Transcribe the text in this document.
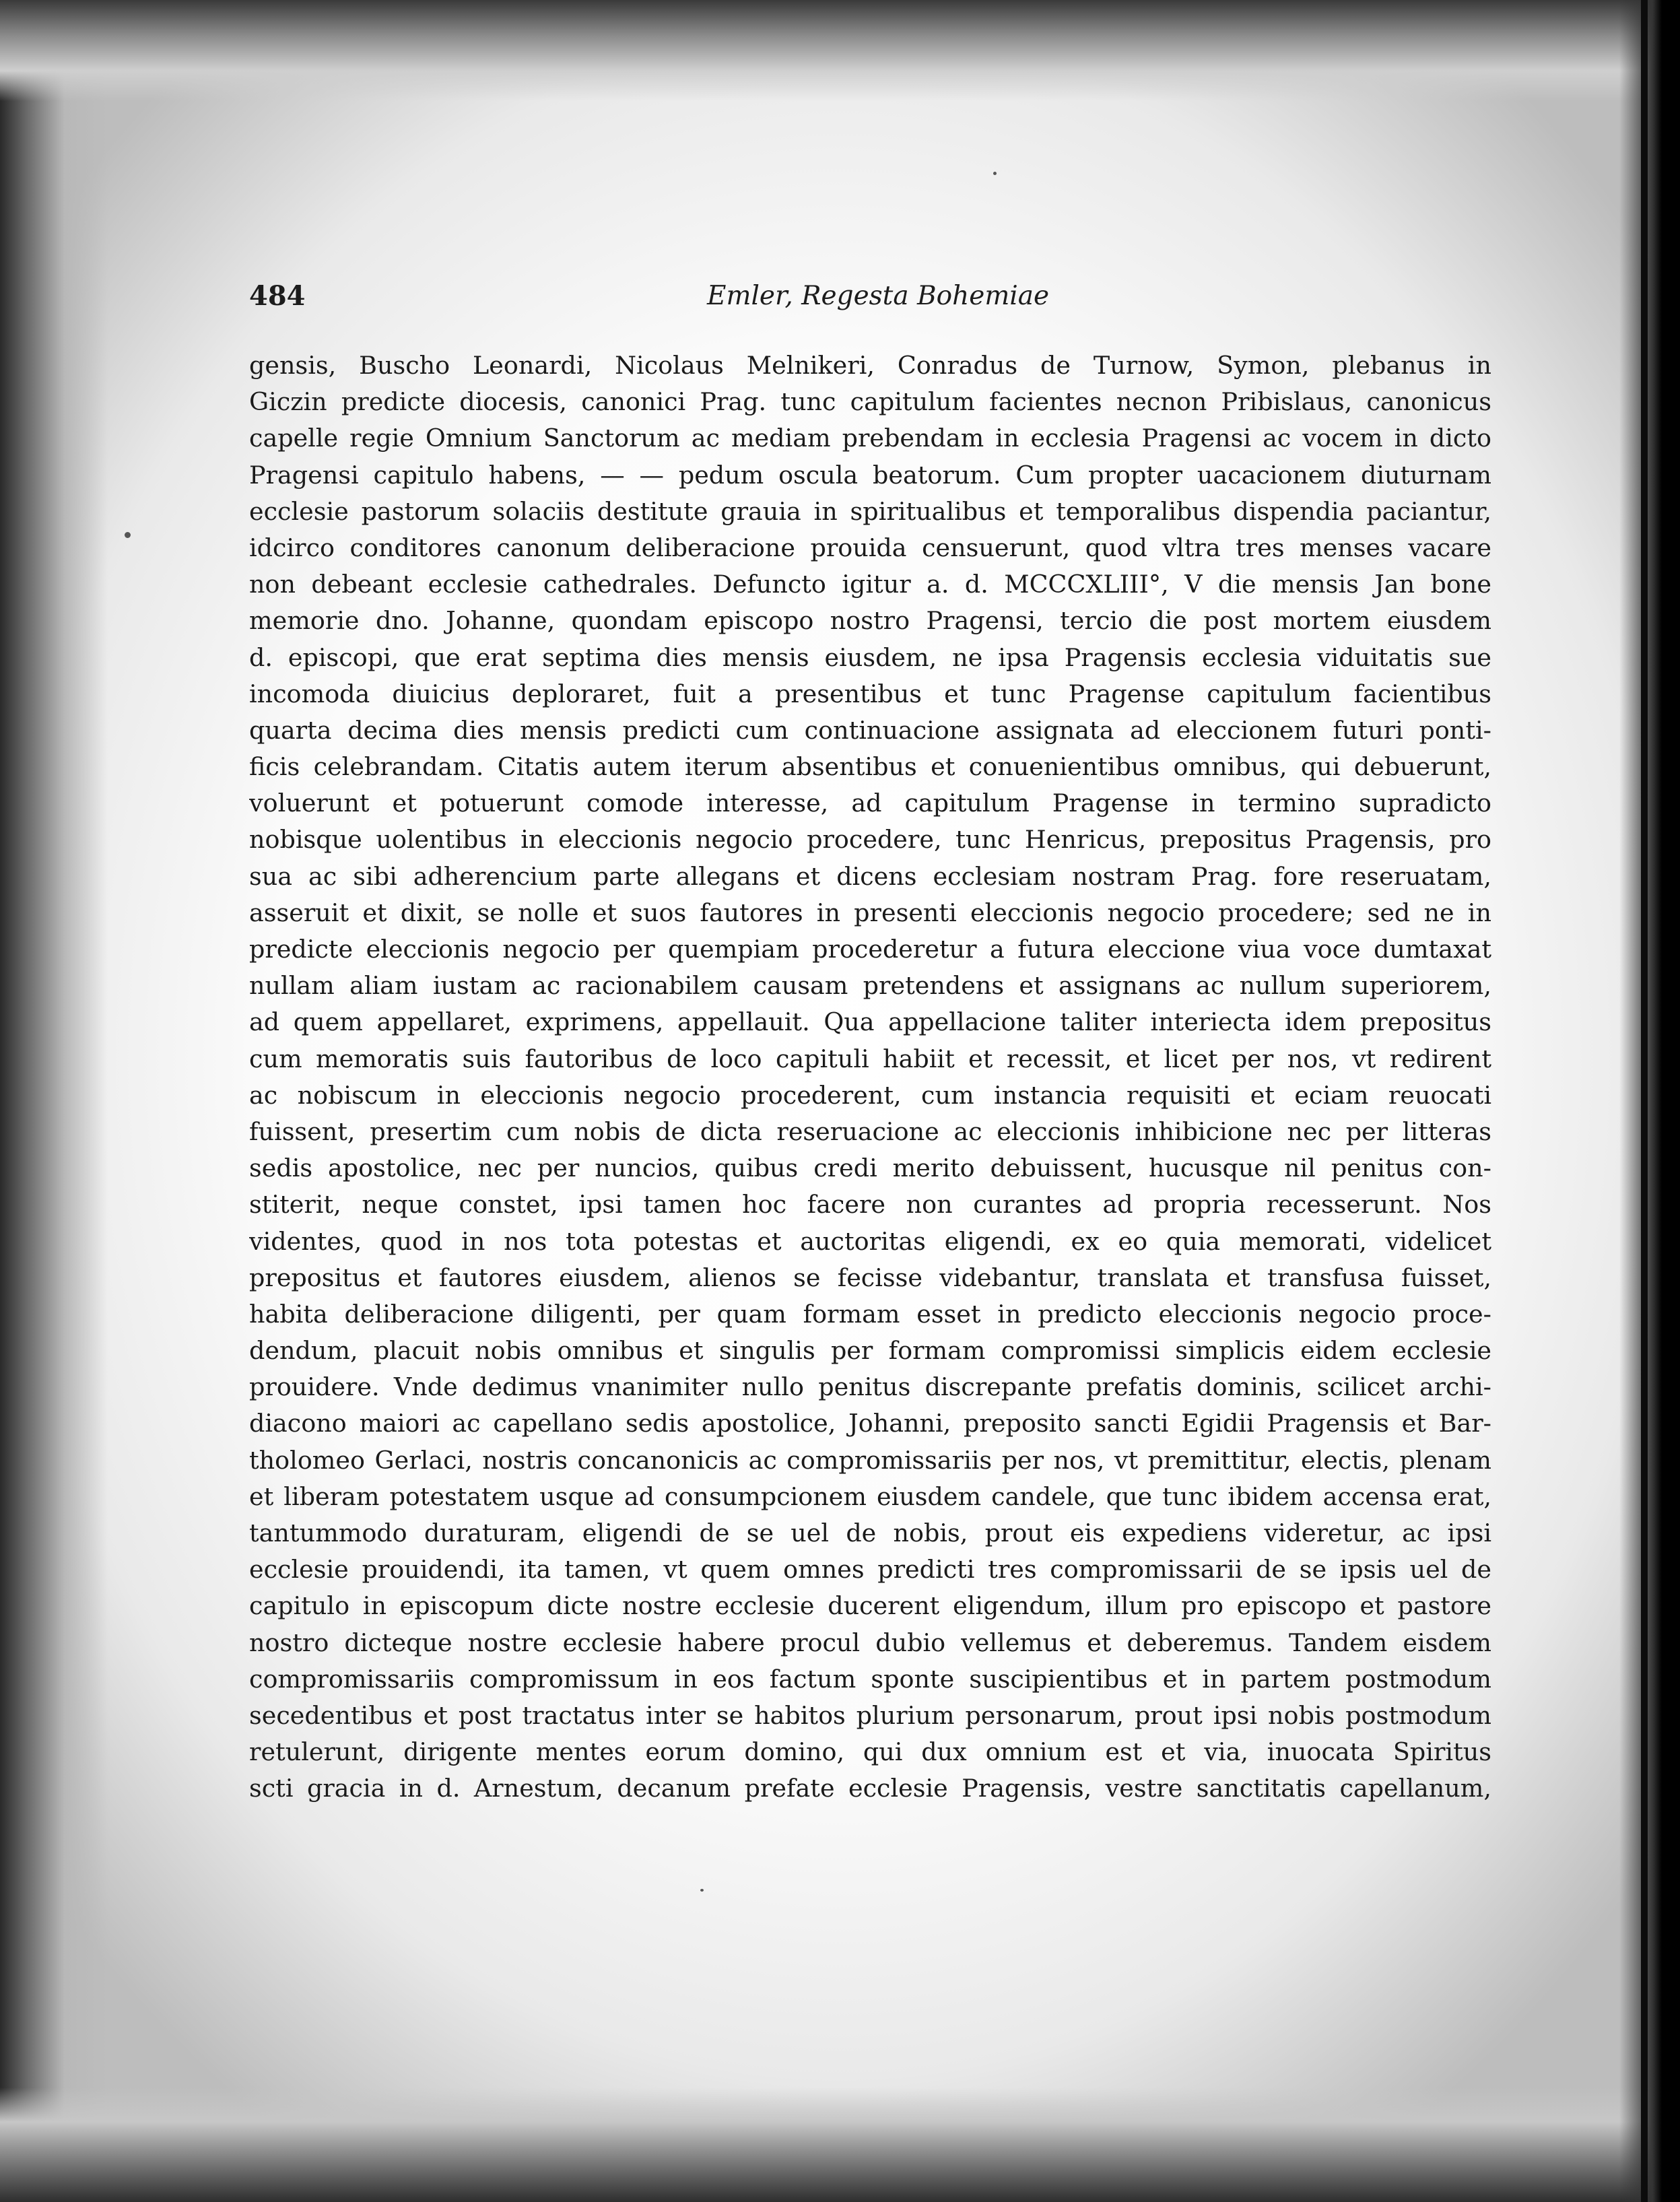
484	Emler, Regesta Bohemiae
gensis, Buscho Leonardi, Nicolaus Melnikeri, Conradus de Turnow, Symon, plebanus in
Giczin predicte diocesis, canonici Prag. tunc capitulum facientes necnon Pribislaus, canonicus
capelle regie Omnium Sanctorum ac mediam prebendam in ecclesia Pragensi ac vocem in dicto
Pragensi capitulo habens, — — pedum oscula beatorum. Cum propter uacacionem diuturnam
ecclesie pastorum solaciis destitute grauia in spiritualibus et temporalibus dispendia paciantur,
idcirco conditores canonum deliberacione prouida censuerunt, quod vltra tres menses vacare
non debeant ecclesie cathedrales. Defuncto igitur a. d. MCCCXLIII°, V die mensis Jan bone
memorie dno. Johanne, quondam episcopo nostro Pragensi, tercio die post mortem eiusdem
d. episcopi, que erat septima dies mensis eiusdem, ne ipsa Pragensis ecclesia viduitatis sue
incomoda diuicius deploraret, fuit a presentibus et tunc Pragense capitulum facientibus
quarta decima dies mensis predicti cum continuacione assignata ad eleccionem futuri ponti-
ficis celebrandam. Citatis autem iterum absentibus et conuenientibus omnibus, qui debuerunt,
voluerunt et potuerunt comode interesse, ad capitulum Pragense in termino supradicto
nobisque uolentibus in eleccionis negocio procedere, tunc Henricus, prepositus Pragensis, pro
sua ac sibi adherencium parte allegans et dicens ecclesiam nostram Prag. fore reseruatam,
asseruit et dixit, se nolle et suos fautores in presenti eleccionis negocio procedere; sed ne in
predicte eleccionis negocio per quempiam procederetur a futura eleccione viua voce dumtaxat
nullam aliam iustam ac racionabilem causam pretendens et assignans ac nullum superiorem,
ad quem appellaret, exprimens, appellauit. Qua appellacione taliter interiecta idem prepositus
cum memoratis suis fautoribus de loco capituli habiit et recessit, et licet per nos, vt redirent
ac nobiscum in eleccionis negocio procederent, cum instancia requisiti et eciam reuocati
fuissent, presertim cum nobis de dicta reseruacione ac eleccionis inhibicione nec per litteras
sedis apostolice, nec per nuncios, quibus credi merito debuissent, hucusque nil penitus con-
stiterit, neque constet, ipsi tamen hoc facere non curantes ad propria recesserunt. Nos
videntes, quod in nos tota potestas et auctoritas eligendi, ex eo quia memorati, videlicet
prepositus et fautores eiusdem, alienos se fecisse videbantur, translata et transfusa fuisset,
habita deliberacione diligenti, per quam formam esset in predicto eleccionis negocio proce-
dendum, placuit nobis omnibus et singulis per formam compromissi simplicis eidem ecclesie
prouidere. Vnde dedimus vnanimiter nullo penitus discrepante prefatis dominis, scilicet archi-
diacono maiori ac capellano sedis apostolice, Johanni, preposito sancti Egidii Pragensis et Bar-
tholomeo Gerlaci, nostris concanonicis ac compromissariis per nos, vt premittitur, electis, plenam
et liberam potestatem usque ad consumpcionem eiusdem candele, que tunc ibidem accensa erat,
tantummodo duraturam, eligendi de se uel de nobis, prout eis expediens videretur, ac ipsi
ecclesie prouidendi, ita tamen, vt quem omnes predicti tres compromissarii de se ipsis uel de
capitulo in episcopum dicte nostre ecclesie ducerent eligendum, illum pro episcopo et pastore
nostro dicteque nostre ecclesie habere procul dubio vellemus et deberemus. Tandem eisdem
compromissariis compromissum in eos factum sponte suscipientibus et in partem postmodum
secedentibus et post tractatus inter se habitos plurium personarum, prout ipsi nobis postmodum
retulerunt, dirigente mentes eorum domino, qui dux omnium est et via, inuocata Spiritus
scti gracia in d. Arnestum, decanum prefate ecclesie Pragensis, vestre sanctitatis capellanum,
